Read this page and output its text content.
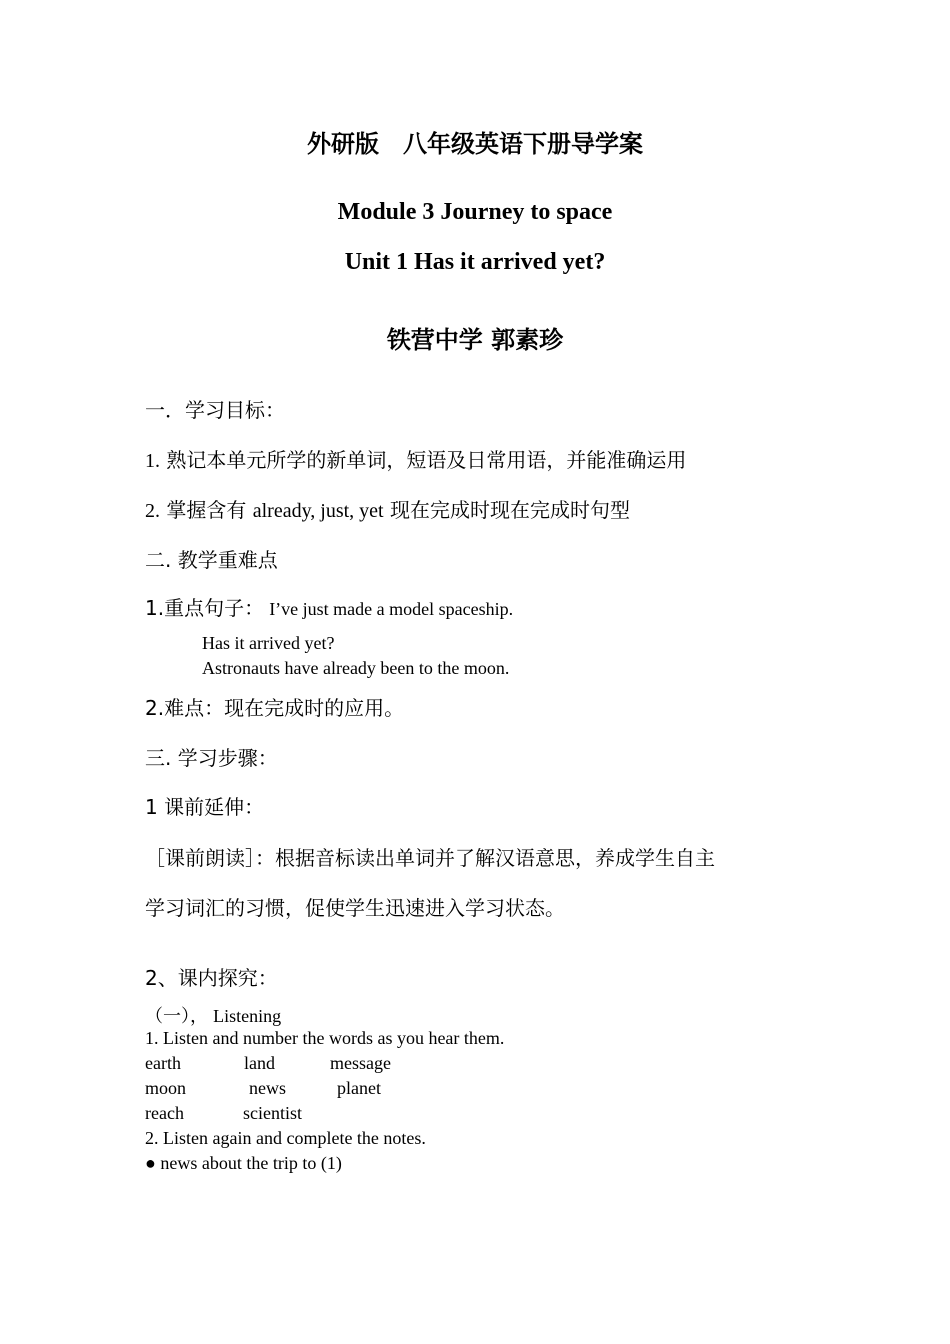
外研版　八年级英语下册导学案
Module 3 Journey to space
Unit 1 Has it arrived yet?
铁营中学 郭素珍
一．学习目标：
1. 熟记本单元所学的新单词，短语及日常用语，并能准确运用
2. 掌握含有 already, just, yet 现在完成时现在完成时句型
二. 教学重难点
1.重点句子： I’ve just made a model spaceship.
Has it arrived yet?
Astronauts have already been to the moon.
2.难点：现在完成时的应用。
三. 学习步骤：
1 课前延伸：
［课前朗读］：根据音标读出单词并了解汉语意思，养成学生自主
学习词汇的习惯，促使学生迅速进入学习状态。
2、课内探究：
（一）， Listening
1. Listen and number the words as you hear them.
earth	land	message
moon	news	planet
reach	scientist
2. Listen again and complete the notes.
● news about the trip to (1)
